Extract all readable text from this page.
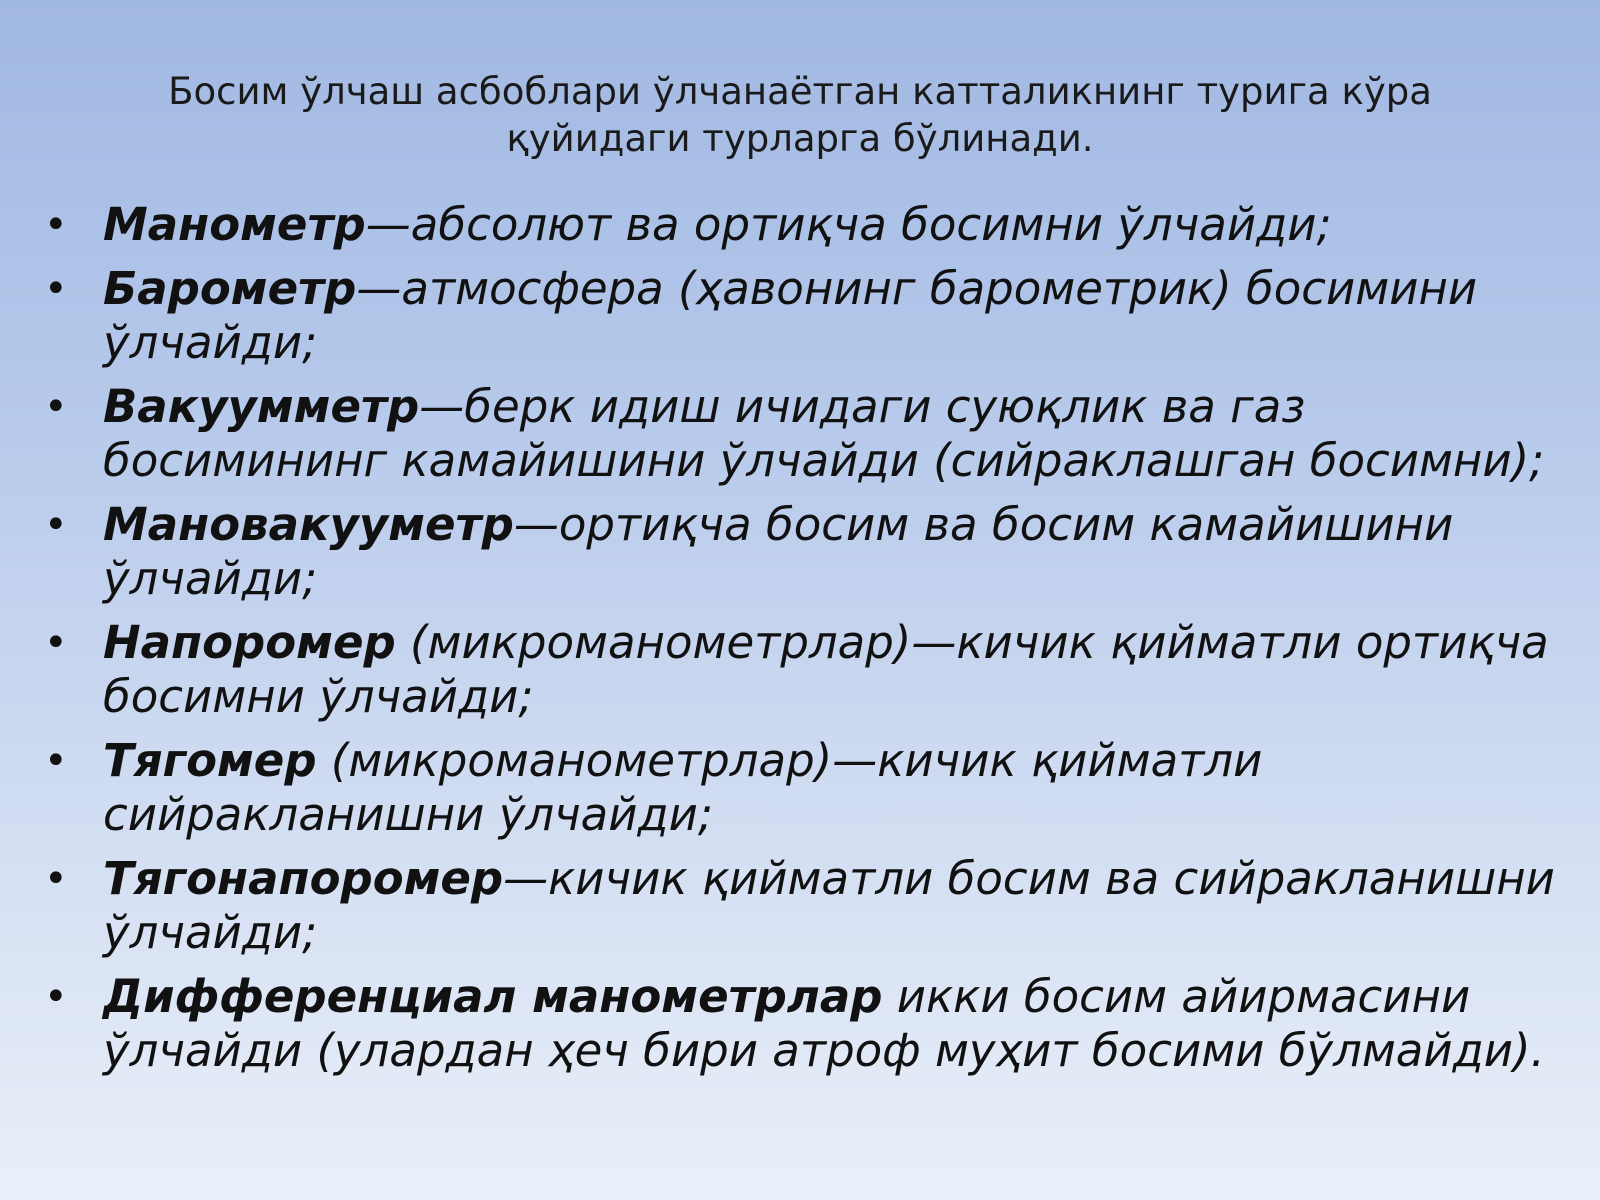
Босим ўлчаш асбоблари ўлчанаётган катталикнинг турига кўра
қуйидаги турларга бўлинади.
• Манометр—абсолют ва ортиқча босимни ўлчайди;
• Барометр—атмосфера (ҳавонинг барометрик) босимини ўлчайди;
• Вакуумметр—берк идиш ичидаги суюқлик ва газ босимининг камайишини ўлчайди (сийраклашган босимни);
• Мановакууметр—ортиқча босим ва босим камайишини ўлчайди;
• Напоромер (микроманометрлар)—кичик қийматли ортиқча босимни ўлчайди;
• Тягомер (микроманометрлар)—кичик қийматли сийракланишни ўлчайди;
• Тягонапоромер—кичик қийматли босим ва сийракланишни ўлчайди;
• Дифференциал манометрлар икки босим айирмасини ўлчайди (улардан ҳеч бири атроф муҳит босими бўлмайди).
